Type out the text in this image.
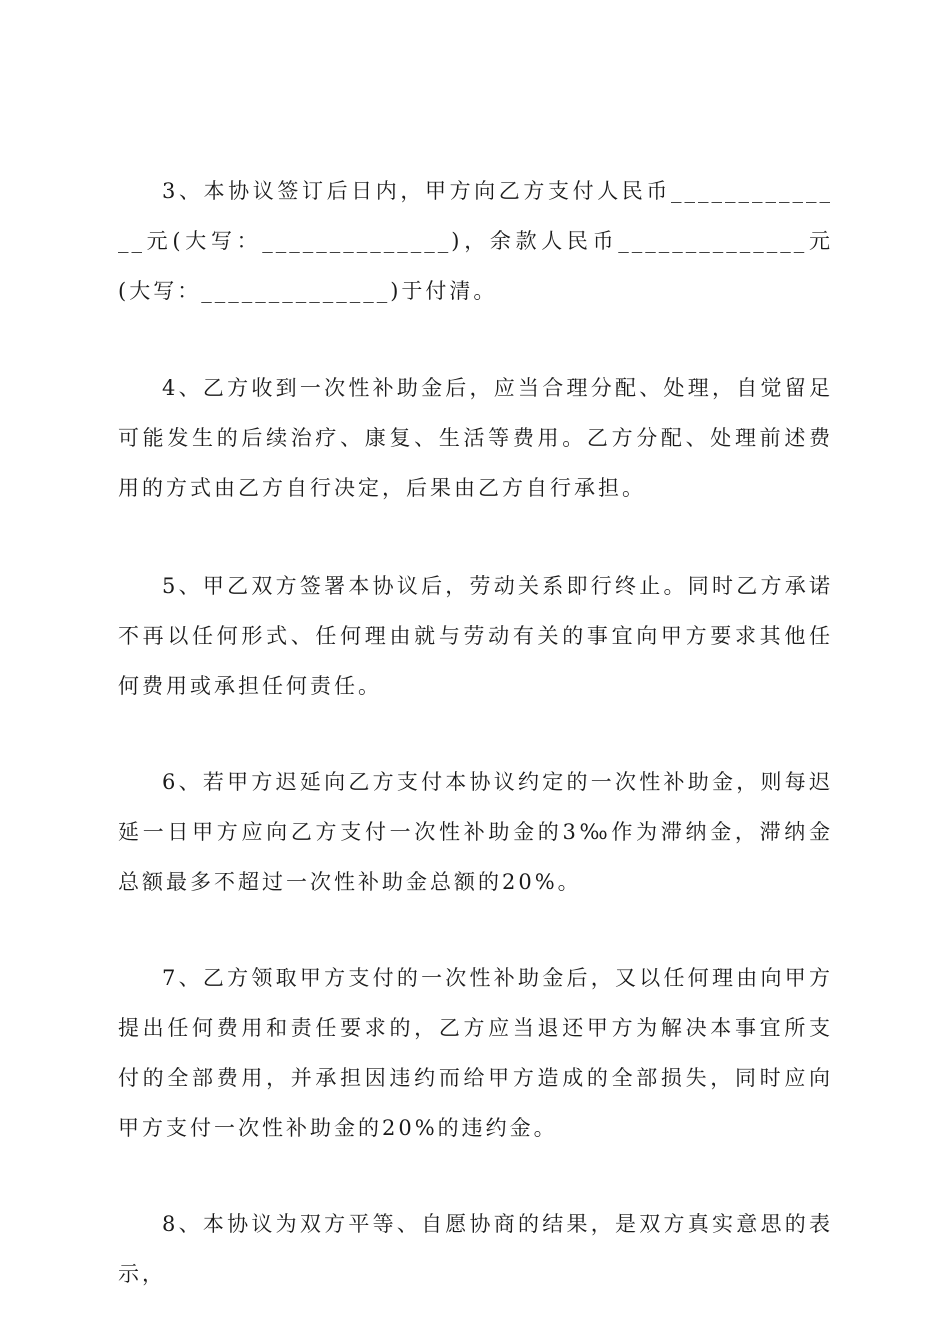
3、本协议签订后日内，甲方向乙方支付人民币______________元(大写：______________)，余款人民币______________元(大写：______________)于付清。

4、乙方收到一次性补助金后，应当合理分配、处理，自觉留足可能发生的后续治疗、康复、生活等费用。乙方分配、处理前述费用的方式由乙方自行决定，后果由乙方自行承担。

5、甲乙双方签署本协议后，劳动关系即行终止。同时乙方承诺不再以任何形式、任何理由就与劳动有关的事宜向甲方要求其他任何费用或承担任何责任。

6、若甲方迟延向乙方支付本协议约定的一次性补助金，则每迟延一日甲方应向乙方支付一次性补助金的3‰作为滞纳金，滞纳金总额最多不超过一次性补助金总额的20%。

7、乙方领取甲方支付的一次性补助金后，又以任何理由向甲方提出任何费用和责任要求的，乙方应当退还甲方为解决本事宜所支付的全部费用，并承担因违约而给甲方造成的全部损失，同时应向甲方支付一次性补助金的20%的违约金。

8、本协议为双方平等、自愿协商的结果，是双方真实意思的表示，
